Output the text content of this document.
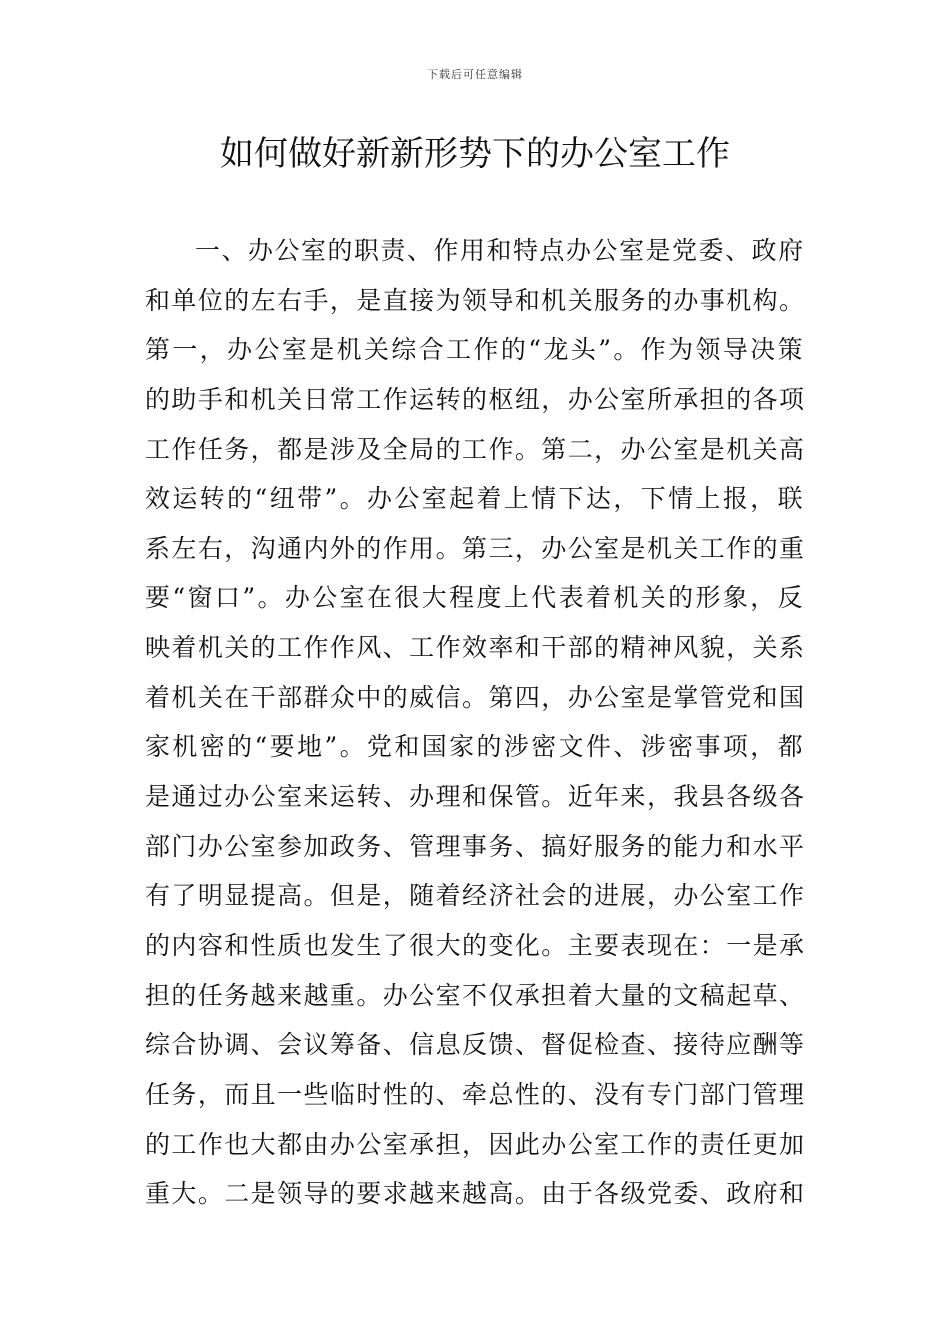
下载后可任意编辑
如何做好新新形势下的办公室工作
一、办公室的职责、作用和特点办公室是党委、政府
和单位的左右手，是直接为领导和机关服务的办事机构。
第一，办公室是机关综合工作的“龙头”。作为领导决策
的助手和机关日常工作运转的枢纽，办公室所承担的各项
工作任务，都是涉及全局的工作。第二，办公室是机关高
效运转的“纽带”。办公室起着上情下达，下情上报，联
系左右，沟通内外的作用。第三，办公室是机关工作的重
要“窗口”。办公室在很大程度上代表着机关的形象，反
映着机关的工作作风、工作效率和干部的精神风貌，关系
着机关在干部群众中的威信。第四，办公室是掌管党和国
家机密的“要地”。党和国家的涉密文件、涉密事项，都
是通过办公室来运转、办理和保管。近年来，我县各级各
部门办公室参加政务、管理事务、搞好服务的能力和水平
有了明显提高。但是，随着经济社会的进展，办公室工作
的内容和性质也发生了很大的变化。主要表现在：一是承
担的任务越来越重。办公室不仅承担着大量的文稿起草、
综合协调、会议筹备、信息反馈、督促检查、接待应酬等
任务，而且一些临时性的、牵总性的、没有专门部门管理
的工作也大都由办公室承担，因此办公室工作的责任更加
重大。二是领导的要求越来越高。由于各级党委、政府和
